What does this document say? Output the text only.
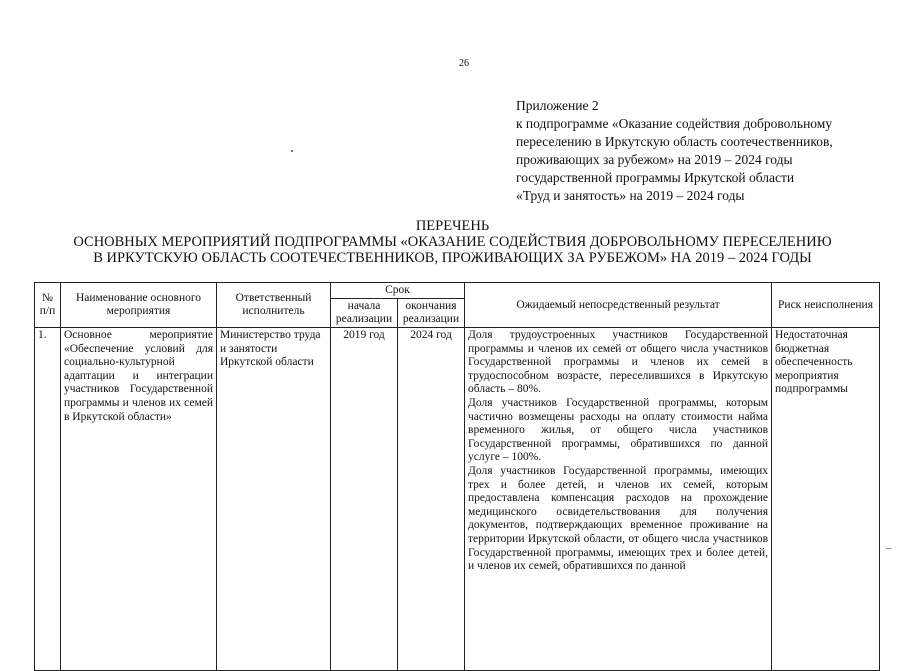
26
Приложение 2
к подпрограмме «Оказание содействия добровольному
переселению в Иркутскую область соотечественников,
проживающих за рубежом» на 2019 – 2024 годы
государственной программы Иркутской области
«Труд и занятость» на 2019 – 2024 годы
ПЕРЕЧЕНЬ
ОСНОВНЫХ МЕРОПРИЯТИЙ ПОДПРОГРАММЫ «ОКАЗАНИЕ СОДЕЙСТВИЯ ДОБРОВОЛЬНОМУ ПЕРЕСЕЛЕНИЮ
В ИРКУТСКУЮ ОБЛАСТЬ СООТЕЧЕСТВЕННИКОВ, ПРОЖИВАЮЩИХ ЗА РУБЕЖОМ» НА 2019 – 2024 ГОДЫ
№ п/п	Наименование основного мероприятия	Ответственный исполнитель	Срок		Ожидаемый непосредственный результат	Риск неисполнения
			начала реализации	окончания реализации		
1.	Основное мероприятие «Обеспечение условий для социально-культурной адаптации и интеграции участников Государственной программы и членов их семей в Иркутской области»	Министерство труда и занятости Иркутской области	2019 год	2024 год	Доля трудоустроенных участников Государственной программы и членов их семей от общего числа участников Государственной программы и членов их семей в трудоспособном возрасте, переселившихся в Иркутскую область – 80%.
Доля участников Государственной программы, которым частично возмещены расходы на оплату стоимости найма временного жилья, от общего числа участников Государственной программы, обратившихся по данной услуге – 100%.
Доля участников Государственной программы, имеющих трех и более детей, и членов их семей, которым предоставлена компенсация расходов на прохождение медицинского освидетельствования для получения документов, подтверждающих временное проживание на территории Иркутской области, от общего числа участников Государственной программы, имеющих трех и более детей, и членов их семей, обратившихся по данной	Недостаточная бюджетная обеспеченность мероприятия подпрограммы
‒
